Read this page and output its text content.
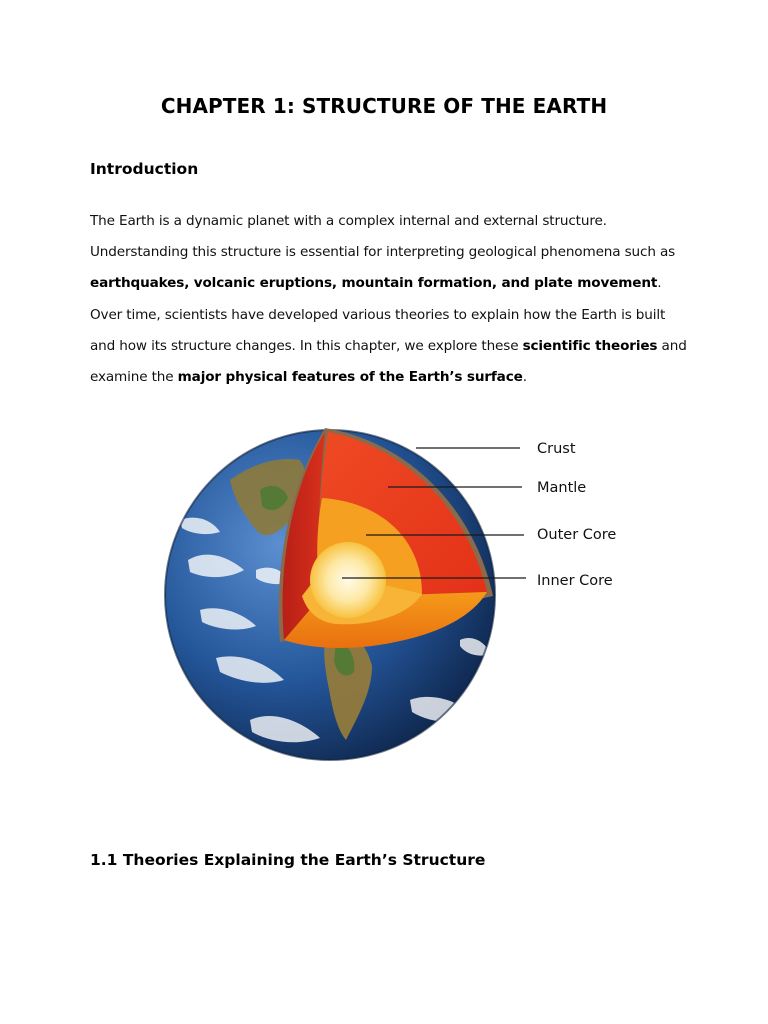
CHAPTER 1: STRUCTURE OF THE EARTH
Introduction

The Earth is a dynamic planet with a complex internal and external structure. Understanding this structure is essential for interpreting geological phenomena such as earthquakes, volcanic eruptions, mountain formation, and plate movement. Over time, scientists have developed various theories to explain how the Earth is built and how its structure changes. In this chapter, we explore these scientific theories and examine the major physical features of the Earth’s surface.

Crust
Mantle
Outer Core
Inner Core
1.1 Theories Explaining the Earth’s Structure
